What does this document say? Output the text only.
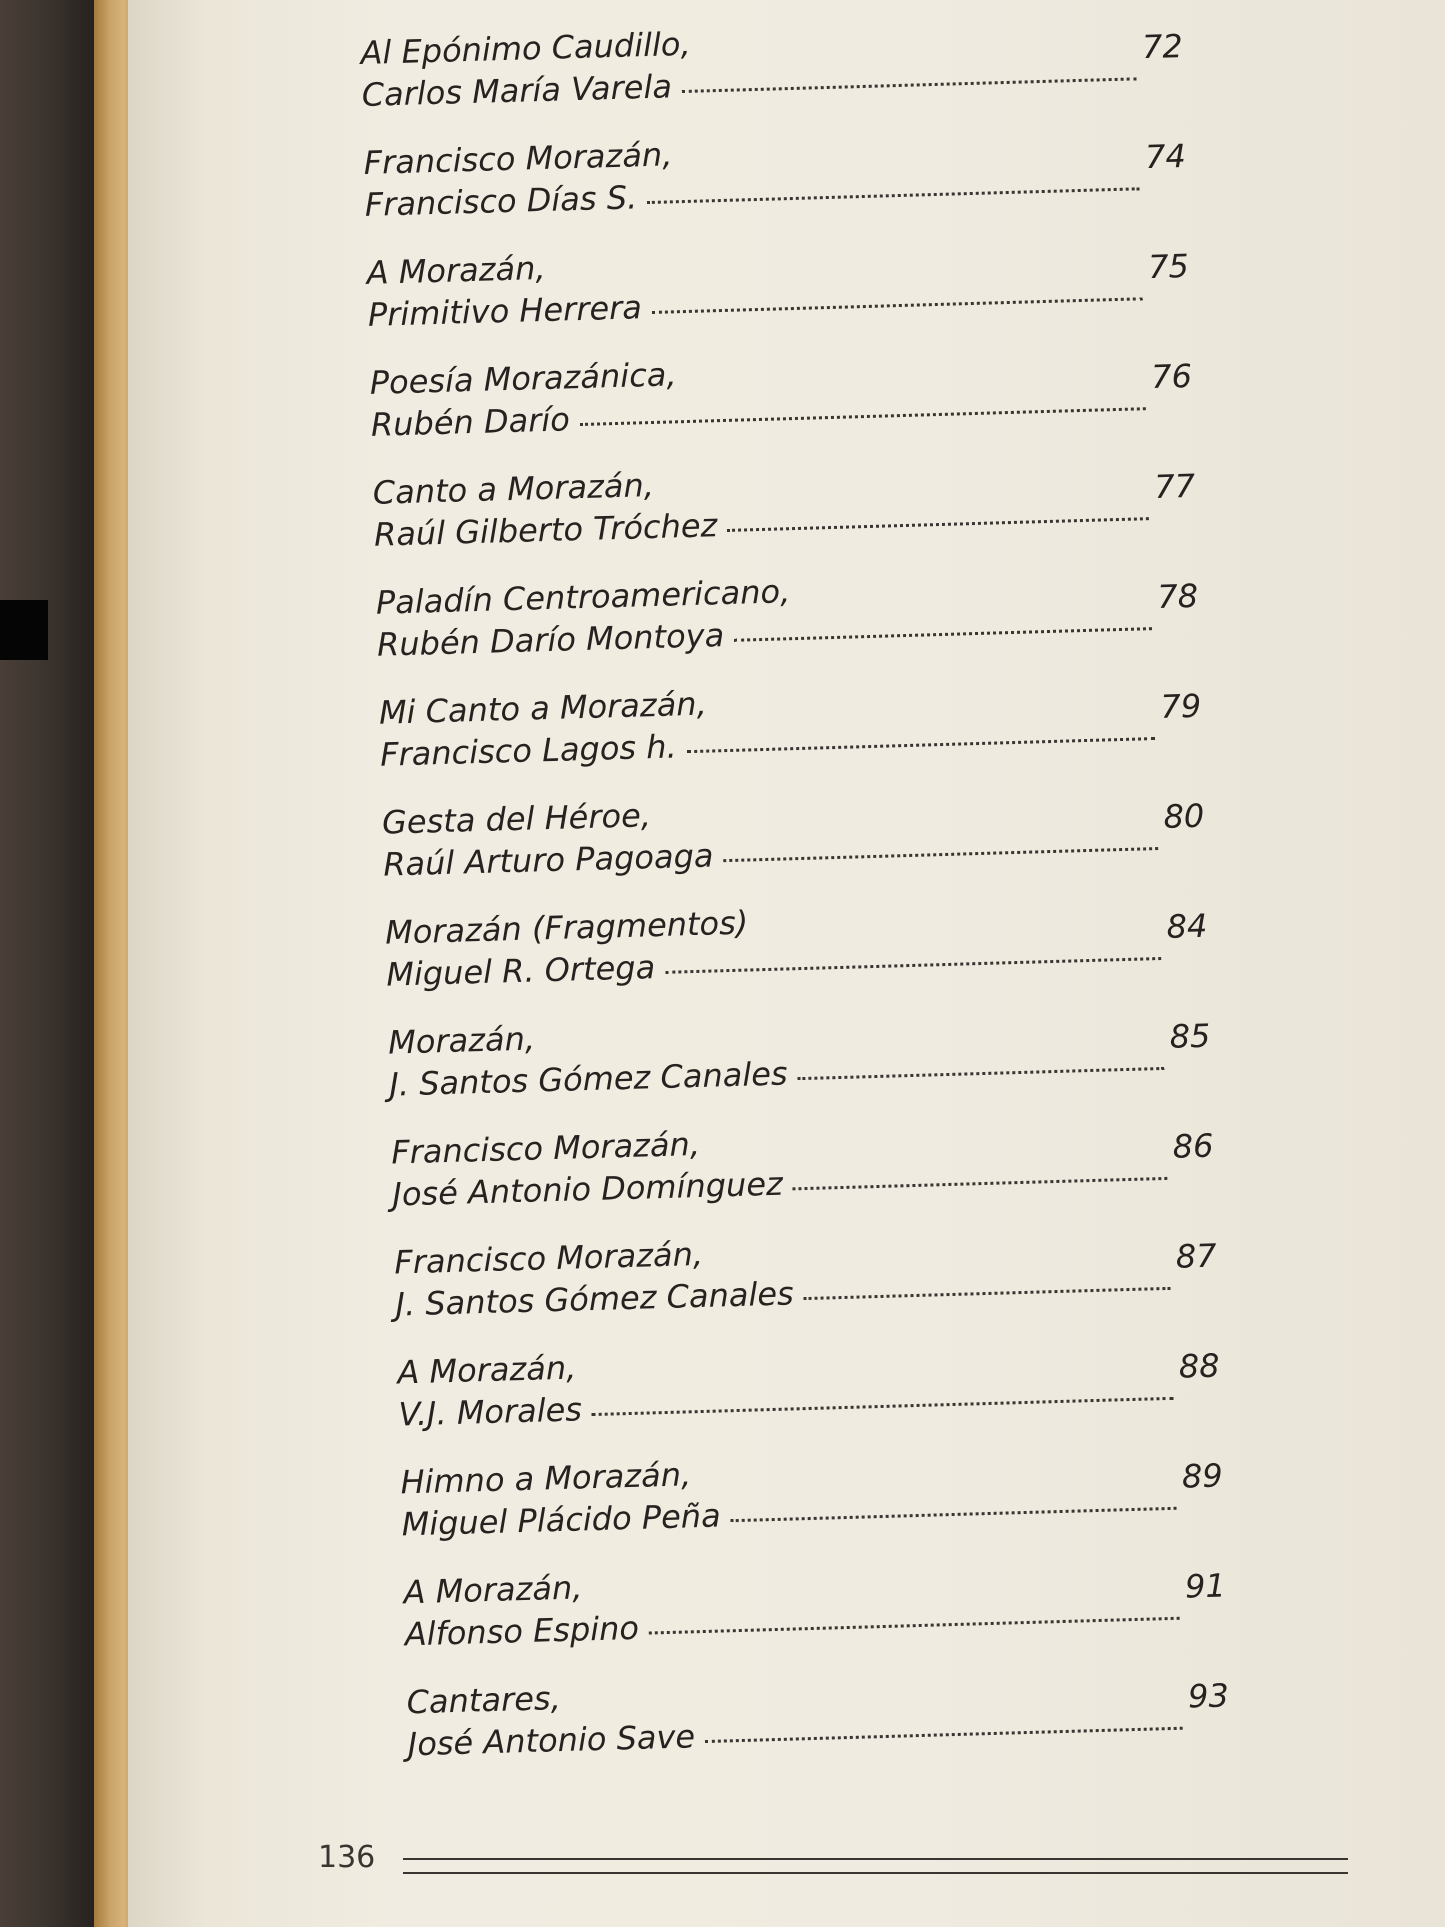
Al Epónimo Caudillo,
Carlos María Varela
72
Francisco Morazán,
Francisco Días S.
74
A Morazán,
Primitivo Herrera
75
Poesía Morazánica,
Rubén Darío
76
Canto a Morazán,
Raúl Gilberto Tróchez
77
Paladín Centroamericano,
Rubén Darío Montoya
78
Mi Canto a Morazán,
Francisco Lagos h.
79
Gesta del Héroe,
Raúl Arturo Pagoaga
80
Morazán (Fragmentos)
Miguel R. Ortega
84
Morazán,
J. Santos Gómez Canales
85
Francisco Morazán,
José Antonio Domínguez
86
Francisco Morazán,
J. Santos Gómez Canales
87
A Morazán,
V.J. Morales
88
Himno a Morazán,
Miguel Plácido Peña
89
A Morazán,
Alfonso Espino
91
Cantares,
José Antonio Save
93
136
